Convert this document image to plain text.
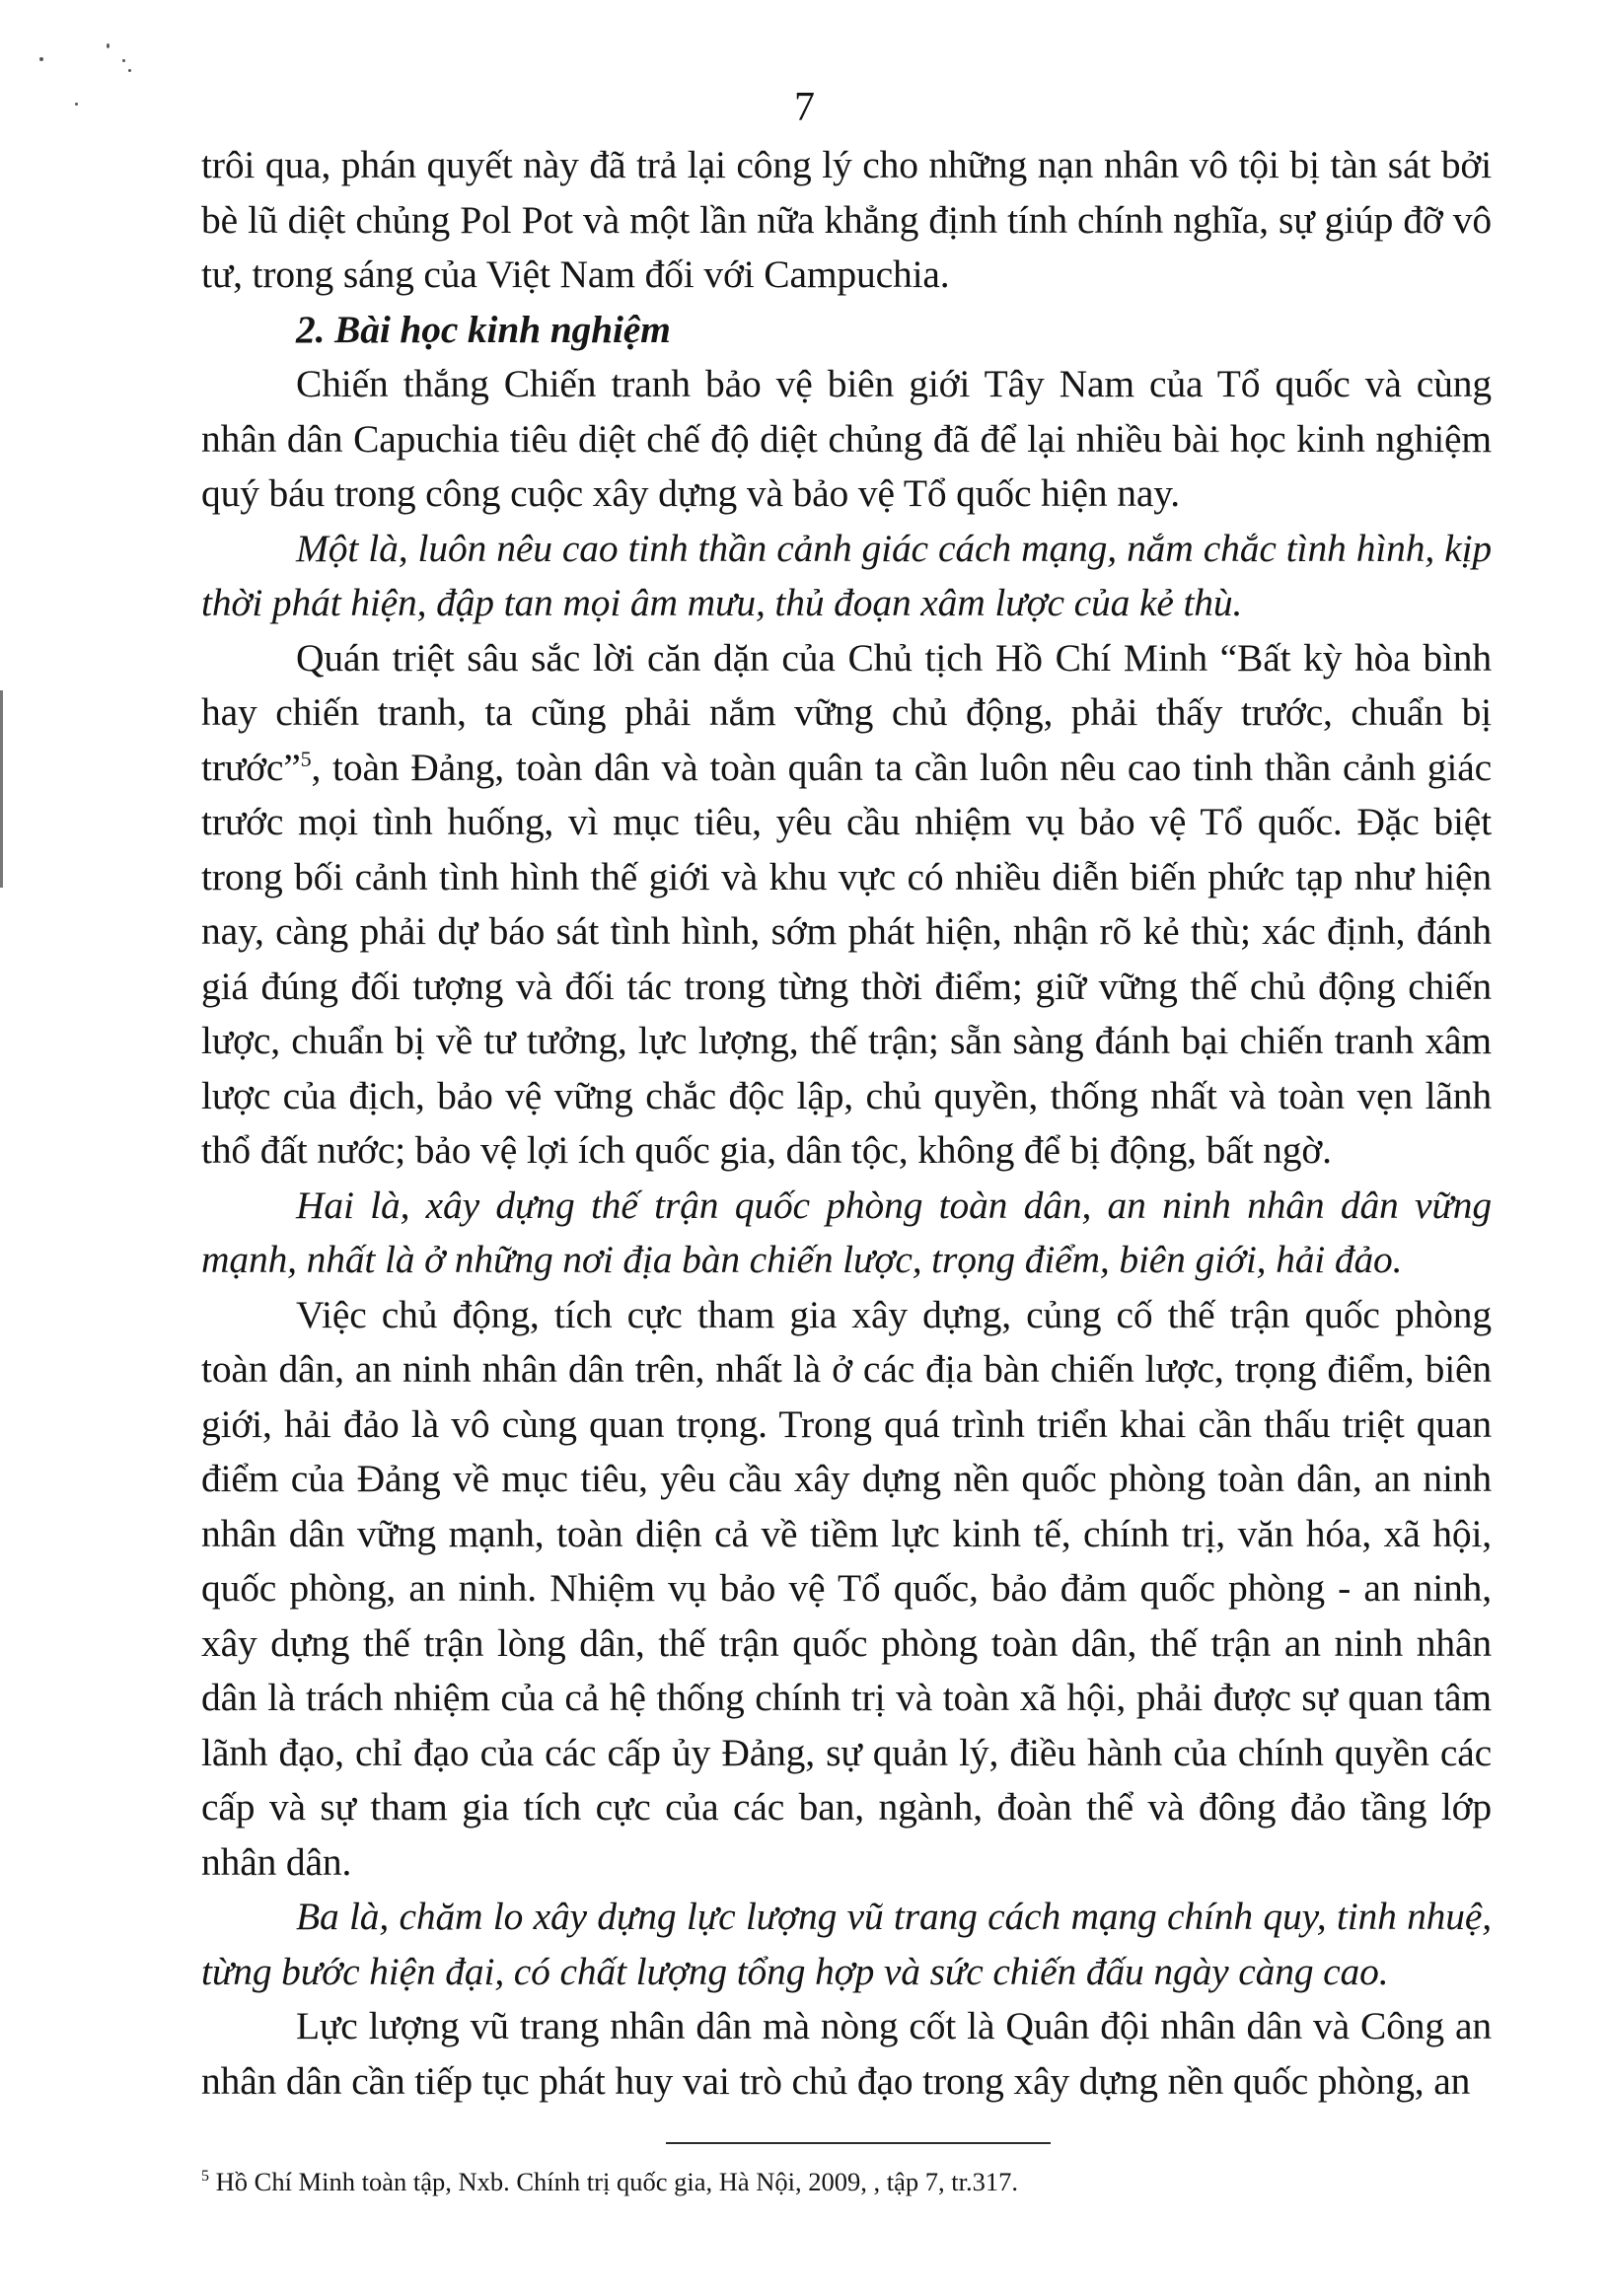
7

trôi qua, phán quyết này đã trả lại công lý cho những nạn nhân vô tội bị tàn sát bởi bè lũ diệt chủng Pol Pot và một lần nữa khẳng định tính chính nghĩa, sự giúp đỡ vô tư, trong sáng của Việt Nam đối với Campuchia.

2. Bài học kinh nghiệm

Chiến thắng Chiến tranh bảo vệ biên giới Tây Nam của Tổ quốc và cùng nhân dân Capuchia tiêu diệt chế độ diệt chủng đã để lại nhiều bài học kinh nghiệm quý báu trong công cuộc xây dựng và bảo vệ Tổ quốc hiện nay.

Một là, luôn nêu cao tinh thần cảnh giác cách mạng, nắm chắc tình hình, kịp thời phát hiện, đập tan mọi âm mưu, thủ đoạn xâm lược của kẻ thù.

Quán triệt sâu sắc lời căn dặn của Chủ tịch Hồ Chí Minh “Bất kỳ hòa bình hay chiến tranh, ta cũng phải nắm vững chủ động, phải thấy trước, chuẩn bị trước”$^5$, toàn Đảng, toàn dân và toàn quân ta cần luôn nêu cao tinh thần cảnh giác trước mọi tình huống, vì mục tiêu, yêu cầu nhiệm vụ bảo vệ Tổ quốc. Đặc biệt trong bối cảnh tình hình thế giới và khu vực có nhiều diễn biến phức tạp như hiện nay, càng phải dự báo sát tình hình, sớm phát hiện, nhận rõ kẻ thù; xác định, đánh giá đúng đối tượng và đối tác trong từng thời điểm; giữ vững thế chủ động chiến lược, chuẩn bị về tư tưởng, lực lượng, thế trận; sẵn sàng đánh bại chiến tranh xâm lược của địch, bảo vệ vững chắc độc lập, chủ quyền, thống nhất và toàn vẹn lãnh thổ đất nước; bảo vệ lợi ích quốc gia, dân tộc, không để bị động, bất ngờ.

Hai là, xây dựng thế trận quốc phòng toàn dân, an ninh nhân dân vững mạnh, nhất là ở những nơi địa bàn chiến lược, trọng điểm, biên giới, hải đảo.

Việc chủ động, tích cực tham gia xây dựng, củng cố thế trận quốc phòng toàn dân, an ninh nhân dân trên, nhất là ở các địa bàn chiến lược, trọng điểm, biên giới, hải đảo là vô cùng quan trọng. Trong quá trình triển khai cần thấu triệt quan điểm của Đảng về mục tiêu, yêu cầu xây dựng nền quốc phòng toàn dân, an ninh nhân dân vững mạnh, toàn diện cả về tiềm lực kinh tế, chính trị, văn hóa, xã hội, quốc phòng, an ninh. Nhiệm vụ bảo vệ Tổ quốc, bảo đảm quốc phòng - an ninh, xây dựng thế trận lòng dân, thế trận quốc phòng toàn dân, thế trận an ninh nhân dân là trách nhiệm của cả hệ thống chính trị và toàn xã hội, phải được sự quan tâm lãnh đạo, chỉ đạo của các cấp ủy Đảng, sự quản lý, điều hành của chính quyền các cấp và sự tham gia tích cực của các ban, ngành, đoàn thể và đông đảo tầng lớp nhân dân.

Ba là, chăm lo xây dựng lực lượng vũ trang cách mạng chính quy, tinh nhuệ, từng bước hiện đại, có chất lượng tổng hợp và sức chiến đấu ngày càng cao.

Lực lượng vũ trang nhân dân mà nòng cốt là Quân đội nhân dân và Công an nhân dân cần tiếp tục phát huy vai trò chủ đạo trong xây dựng nền quốc phòng, an

$^5$ Hồ Chí Minh toàn tập, Nxb. Chính trị quốc gia, Hà Nội, 2009, , tập 7, tr.317.
